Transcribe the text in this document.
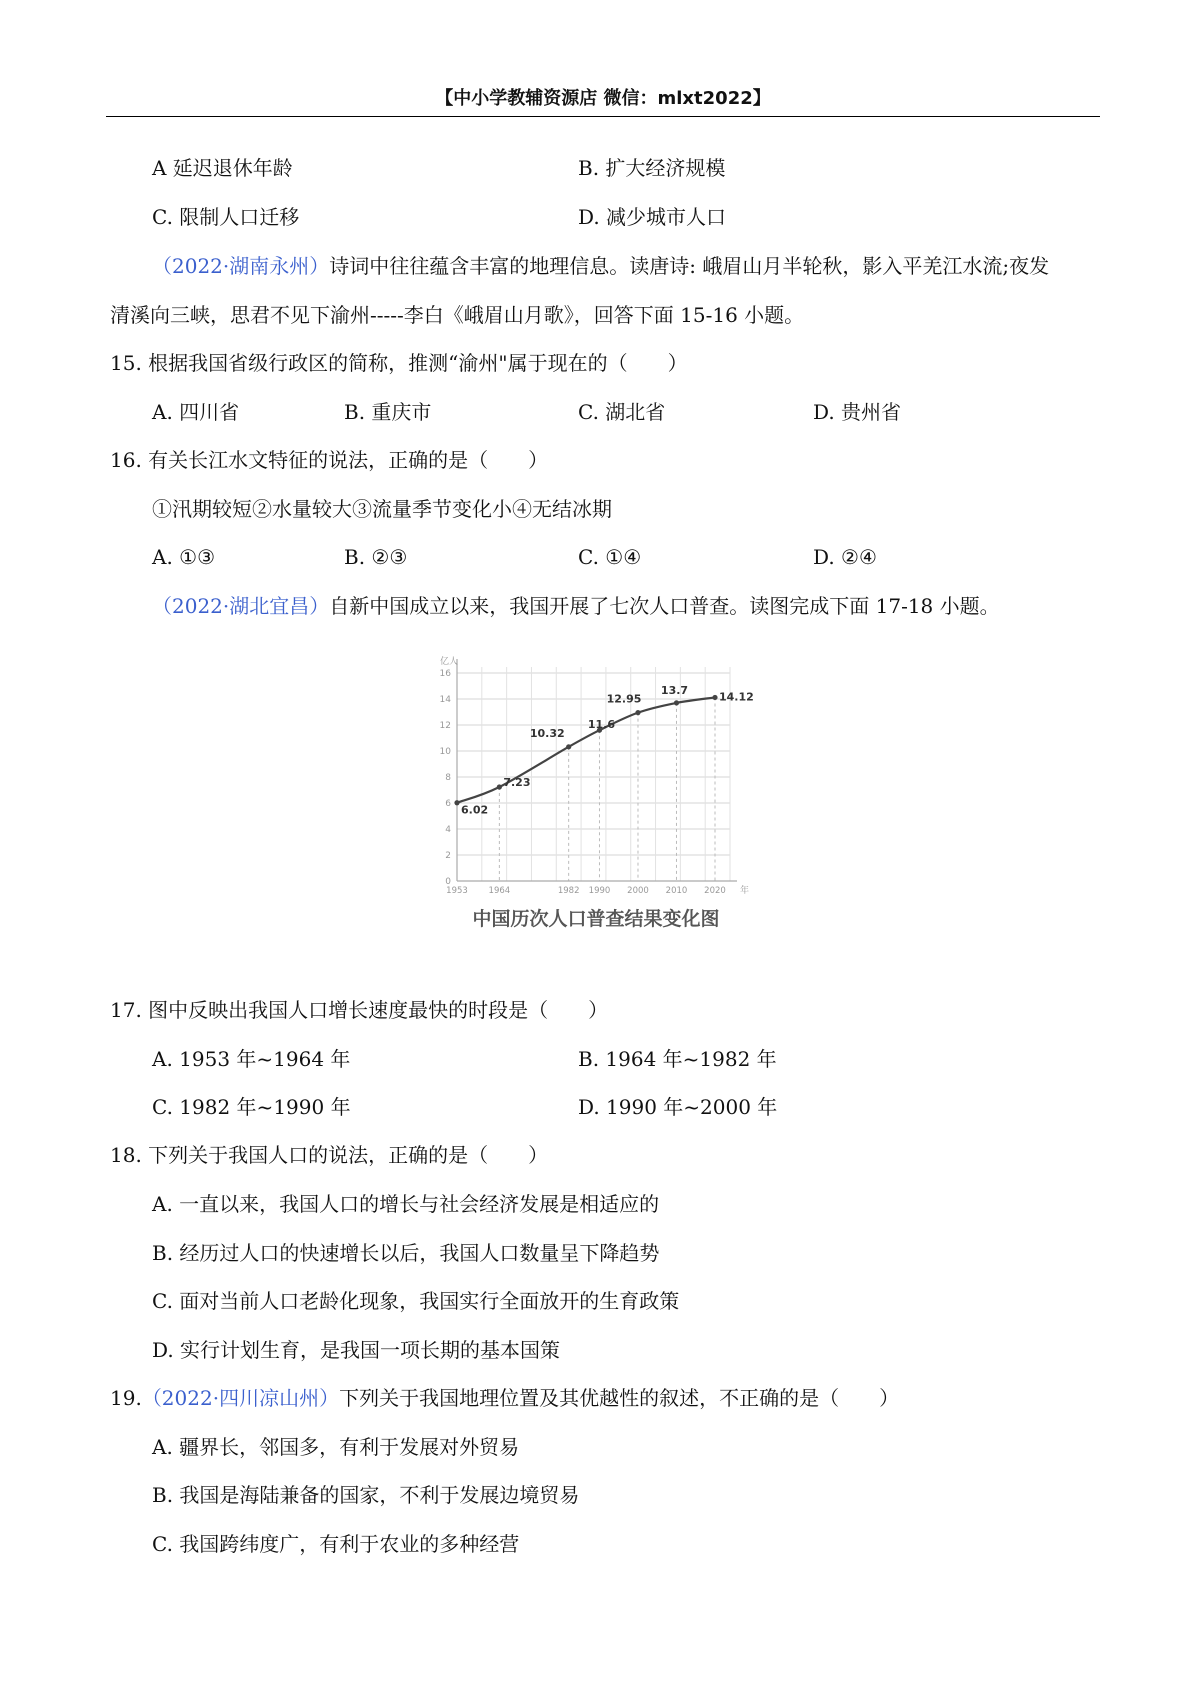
【中小学教辅资源店 微信：mlxt2022】
A 延迟退休年龄	B. 扩大经济规模
C. 限制人口迁移	D. 减少城市人口
（2022·湖南永州）诗词中往往蕴含丰富的地理信息。读唐诗: 峨眉山月半轮秋，影入平羌江水流;夜发
清溪向三峡，思君不见下渝州-----李白《峨眉山月歌》，回答下面 15-16 小题。
15. 根据我国省级行政区的简称，推测“渝州"属于现在的（　　）
A. 四川省	B. 重庆市	C. 湖北省	D. 贵州省
16. 有关长江水文特征的说法，正确的是（　　）
①汛期较短②水量较大③流量季节变化小④无结冰期
A. ①③	B. ②③	C. ①④	D. ②④
（2022·湖北宜昌）自新中国成立以来，我国开展了七次人口普查。读图完成下面 17-18 小题。
0
2
4
6
8
10
12
14
16
1953 1964	1982 1990 2000 2010 2020
6.02
7.23
10.32
11.6
12.95
13.7
14.12
亿人
年
中国历次人口普查结果变化图
17. 图中反映出我国人口增长速度最快的时段是（　　）
A. 1953 年~1964 年	B. 1964 年~1982 年
C. 1982 年~1990 年	D. 1990 年~2000 年
18. 下列关于我国人口的说法，正确的是（　　）
A. 一直以来，我国人口的增长与社会经济发展是相适应的
B. 经历过人口的快速增长以后，我国人口数量呈下降趋势
C. 面对当前人口老龄化现象，我国实行全面放开的生育政策
D. 实行计划生育，是我国一项长期的基本国策
19.（2022·四川凉山州）下列关于我国地理位置及其优越性的叙述，不正确的是（　　）
A. 疆界长，邻国多，有利于发展对外贸易
B. 我国是海陆兼备的国家，不利于发展边境贸易
C. 我国跨纬度广，有利于农业的多种经营
